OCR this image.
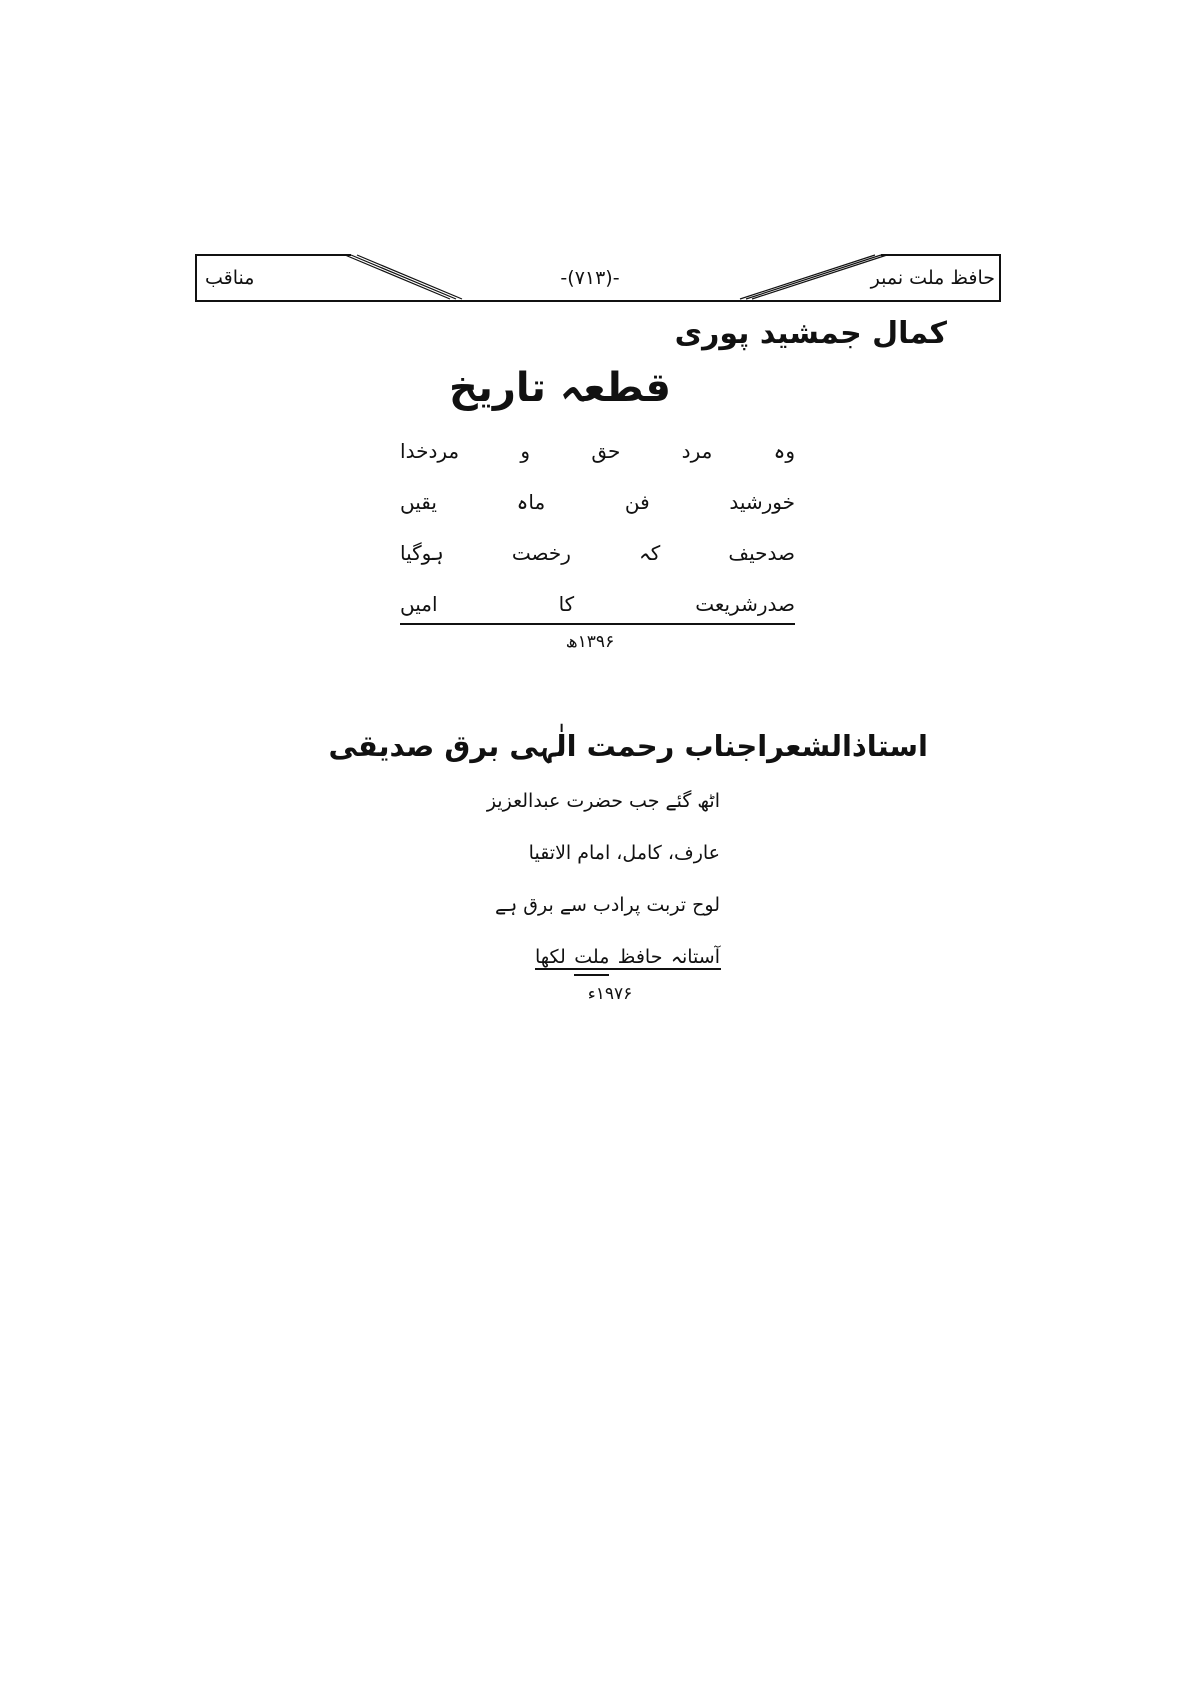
مناقب	-(۷۱۳)-	حافظ ملت نمبر
کمال جمشید پوری
قطعہ تاریخ
وہ
مرد
حق
و
مردخدا
خورشید
فن
ماہ
یقیں
صدحیف
کہ
رخصت
ہوگیا
صدرشریعت
کا
امیں
۱۳۹۶ھ
استاذالشعراجناب رحمت الٰہی برق صدیقی
اٹھ گئے جب حضرت عبدالعزیز
عارف، کامل، امام الاتقیا
لوح تربت پرادب سے برق ہے
آستانہ
حافظ
ملت
لکھا
۱۹۷۶ء
